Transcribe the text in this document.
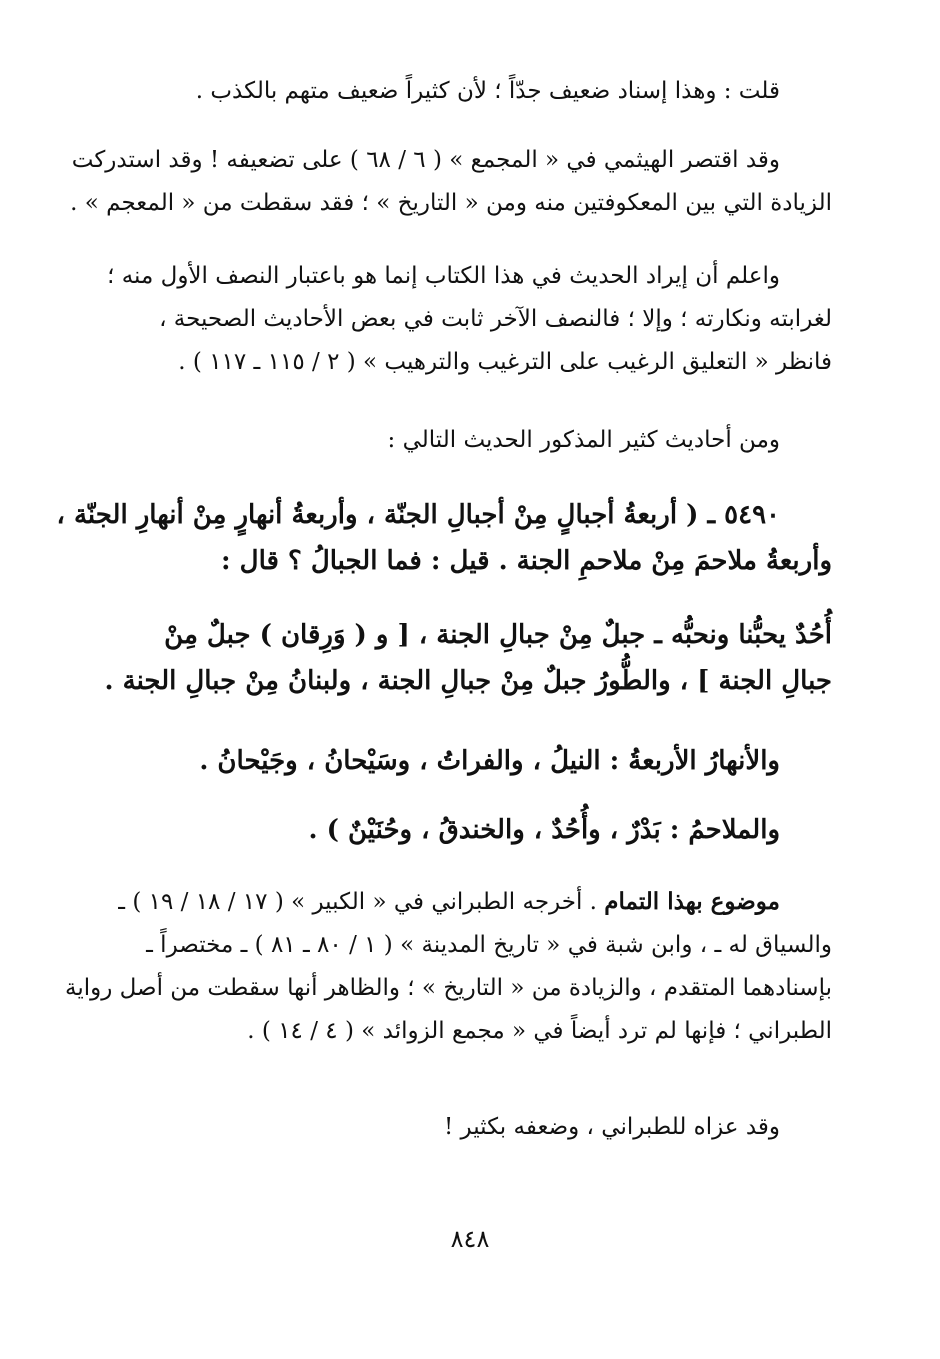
قلت : وهذا إسناد ضعيف جدّاً ؛ لأن كثيراً ضعيف متهم بالكذب .
وقد اقتصر الهيثمي في « المجمع » ( ٦ / ٦٨ ) على تضعيفه ! وقد استدركت
الزيادة التي بين المعكوفتين منه ومن « التاريخ » ؛ فقد سقطت من « المعجم » .
واعلم أن إيراد الحديث في هذا الكتاب إنما هو باعتبار النصف الأول منه ؛
لغرابته ونكارته ؛ وإلا ؛ فالنصف الآخر ثابت في بعض الأحاديث الصحيحة ،
فانظر « التعليق الرغيب على الترغيب والترهيب » ( ٢ / ١١٥ ـ ١١٧ ) .
ومن أحاديث كثير المذكور الحديث التالي :
٥٤٩٠ ـ ( أربعةُ أجبالٍ مِنْ أجبالِ الجنّة ، وأربعةُ أنهارٍ مِنْ أنهارِ الجنّة ،
وأربعةُ ملاحمَ مِنْ ملاحمِ الجنة . قيل : فما الجبالُ ؟ قال :
أُحُدٌ يحبُّنا ونحبُّه ـ جبلٌ مِنْ جبالِ الجنة ، [ و ( وَرِقان ) جبلٌ مِنْ
جبالِ الجنة ] ، والطُّورُ جبلٌ مِنْ جبالِ الجنة ، ولبنانُ مِنْ جبالِ الجنة .
والأنهارُ الأربعةُ : النيلُ ، والفراتُ ، وسَيْحانُ ، وجَيْحانُ .
والملاحمُ : بَدْرٌ ، وأُحُدٌ ، والخندقُ ، وحُنَيْنٌ ) .
موضوع بهذا التمام . أخرجه الطبراني في « الكبير » ( ١٧ / ١٨ / ١٩ ) ـ
والسياق له ـ ، وابن شبة في « تاريخ المدينة » ( ١ / ٨٠ ـ ٨١ ) ـ مختصراً ـ
بإسنادهما المتقدم ، والزيادة من « التاريخ » ؛ والظاهر أنها سقطت من أصل رواية
الطبراني ؛ فإنها لم ترد أيضاً في « مجمع الزوائد » ( ٤ / ١٤ ) .
وقد عزاه للطبراني ، وضعفه بكثير !
٨٤٨
